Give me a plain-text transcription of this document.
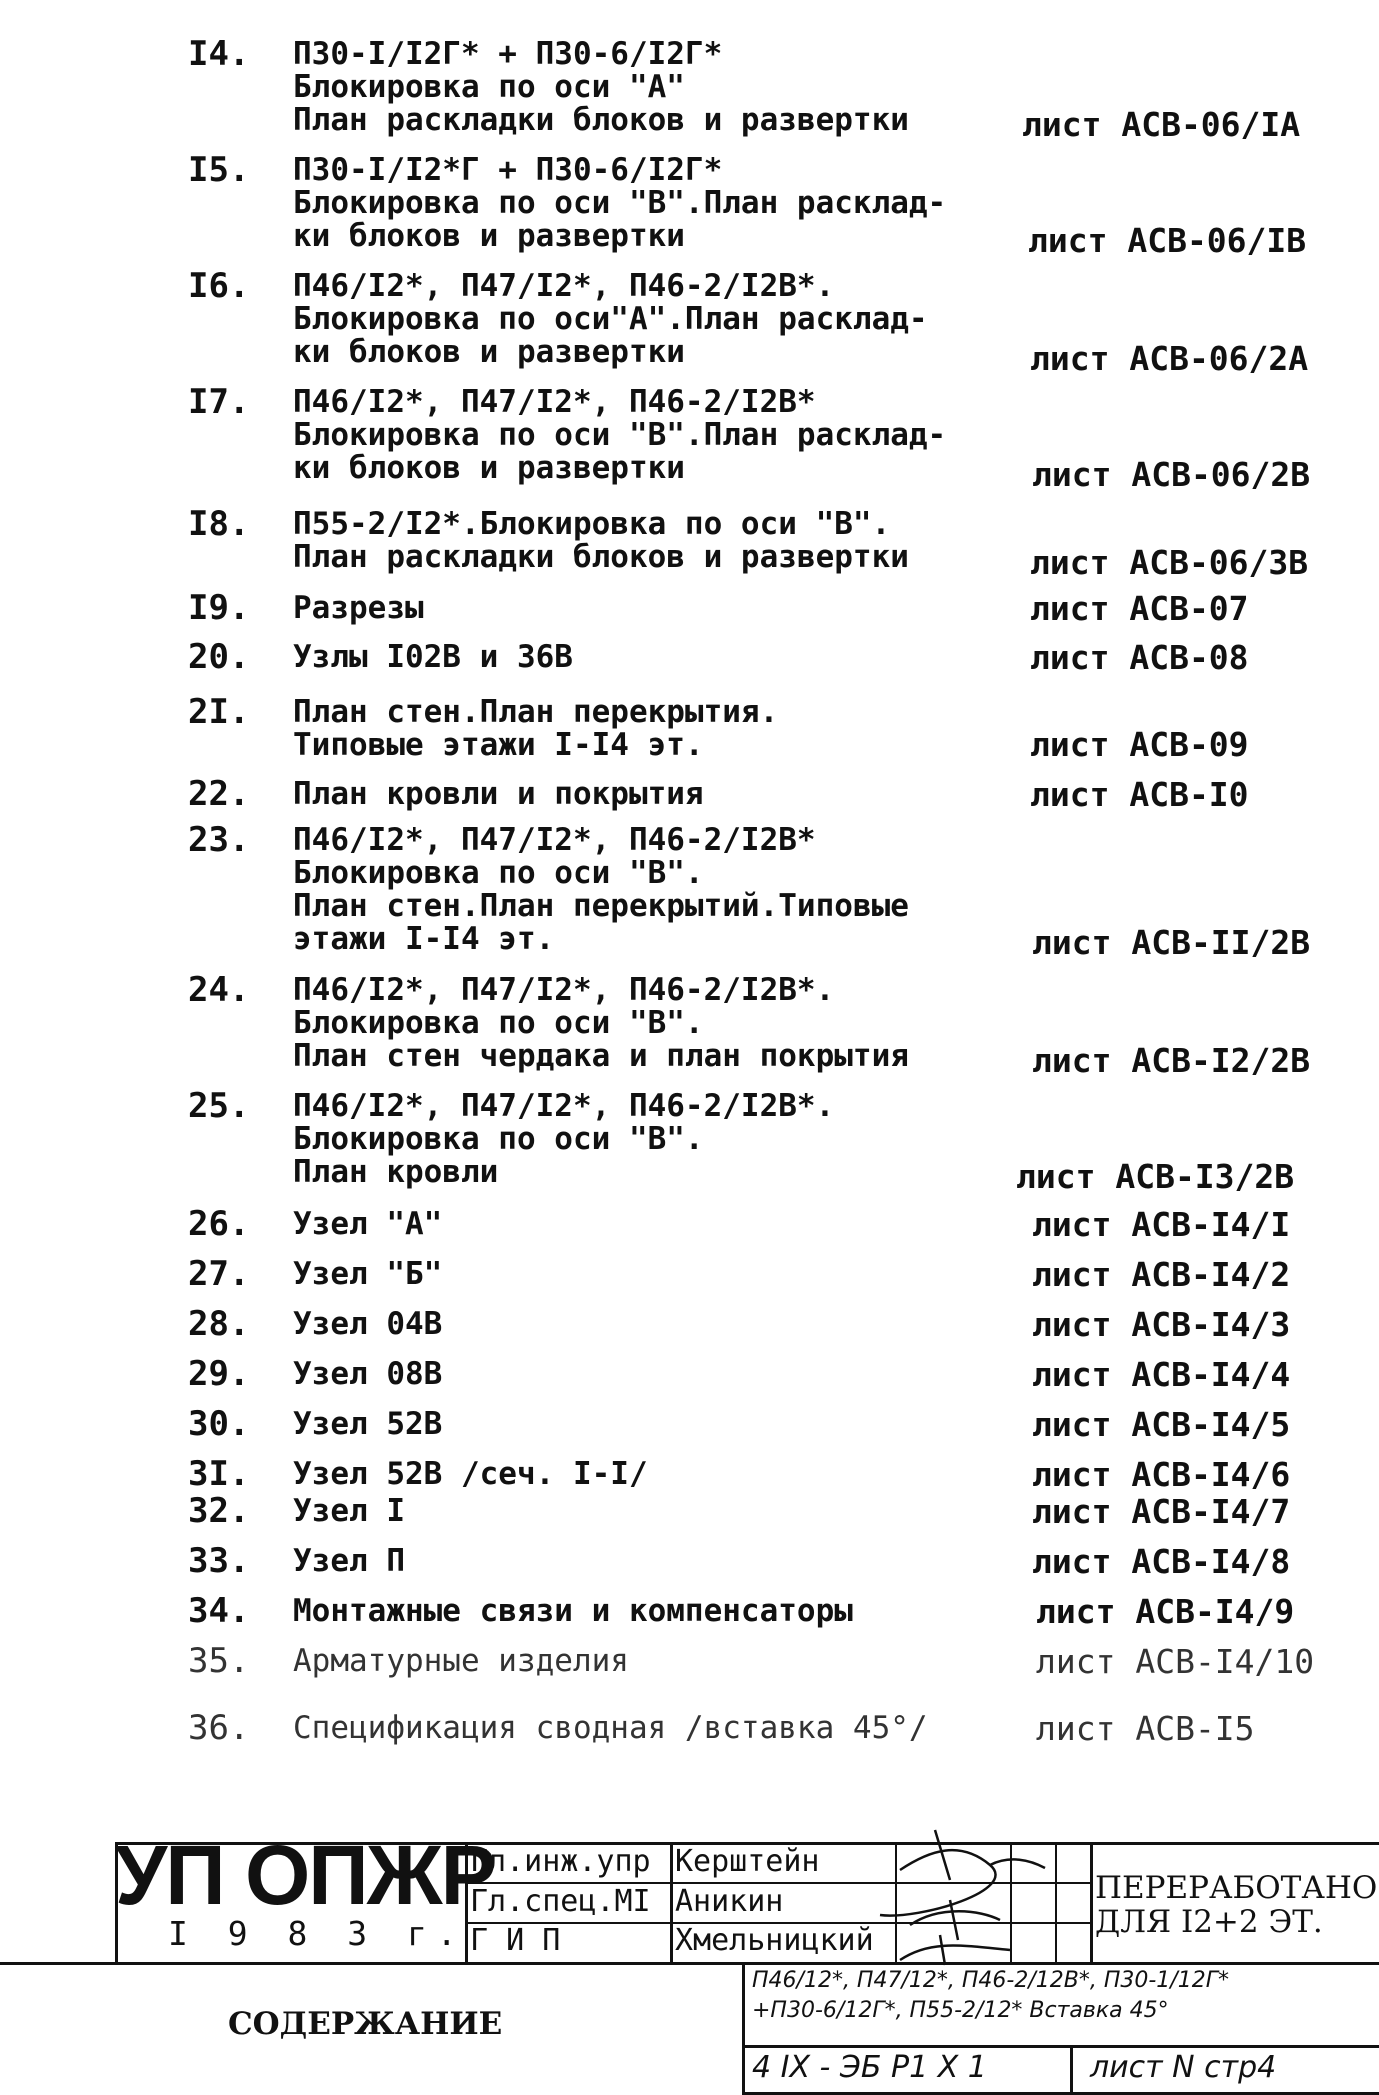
I4. П30-I/I2Г* + П30-6/I2Г*
Блокировка по оси "А"
План раскладки блоков и развертки	лист АСВ-06/IА
I5. П30-I/I2*Г + П30-6/I2Г*
Блокировка по оси "В".План расклад-
ки блоков и развертки	лист АСВ-06/IВ
I6. П46/I2*, П47/I2*, П46-2/I2В*.
Блокировка по оси"А".План расклад-
ки блоков и развертки	лист АСВ-06/2А
I7. П46/I2*, П47/I2*, П46-2/I2В*
Блокировка по оси "В".План расклад-
ки блоков и развертки	лист АСВ-06/2В
I8. П55-2/I2*.Блокировка по оси "В".
План раскладки блоков и развертки	лист АСВ-06/3В
I9. Разрезы	лист АСВ-07
20. Узлы I02В и 36В	лист АСВ-08
2I. План стен.План перекрытия.
Типовые этажи I-I4 эт.	лист АСВ-09
22. План кровли и покрытия	лист АСВ-I0
23. П46/I2*, П47/I2*, П46-2/I2В*
Блокировка по оси "В".
План стен.План перекрытий.Типовые
этажи I-I4 эт.	лист АСВ-II/2В
24. П46/I2*, П47/I2*, П46-2/I2В*.
Блокировка по оси "В".
План стен чердака и план покрытия	лист АСВ-I2/2В
25. П46/I2*, П47/I2*, П46-2/I2В*.
Блокировка по оси "В".
План кровли	лист АСВ-I3/2В
26. Узел "А"	лист АСВ-I4/I
27. Узел "Б"	лист АСВ-I4/2
28. Узел 04В	лист АСВ-I4/3
29. Узел 08В	лист АСВ-I4/4
30. Узел 52В	лист АСВ-I4/5
3I. Узел 52В /сеч. I-I/	лист АСВ-I4/6
32. Узел I	лист АСВ-I4/7
33. Узел П	лист АСВ-I4/8
34. Монтажные связи и компенсаторы	лист АСВ-I4/9
35. Арматурные изделия	лист АСВ-I4/10
36. Спецификация сводная /вставка 45°/	лист АСВ-I5
УП ОПЖР
I 9 8 3 г.
Гл.инж.упр
Гл.спец.MI
Г И П
Керштейн
Аникин
Хмельницкий
ПЕРЕРАБОТАНО
ДЛЯ I2+2 ЭТ.
СОДЕРЖАНИЕ
П46/12*, П47/12*, П46-2/12В*, П30-1/12Г*
+П30-6/12Г*, П55-2/12* Вставка 45°
4 IX - ЭБ Р1 Х 1	лист N стр4
